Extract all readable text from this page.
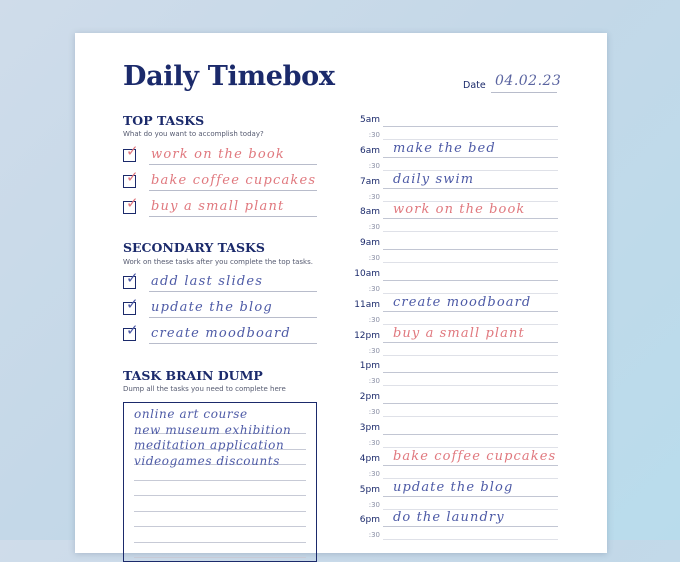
Daily Timebox	Date 04.02.23
TOP TASKS
What do you want to accomplish today?
✓ work on the book
✓ bake coffee cupcakes
✓ buy a small plant
SECONDARY TASKS
Work on these tasks after you complete the top tasks.
✓ add last slides
✓ update the blog
✓ create moodboard
TASK BRAIN DUMP
Dump all the tasks you need to complete here
online art course
new museum exhibition
meditation application
videogames discounts
5am
:30
6am
:30
make the bed
7am
:30
daily swim
8am
:30
work on the book
9am
:30
10am
:30
11am
:30
create moodboard
12pm
:30
buy a small plant
1pm
:30
2pm
:30
3pm
:30
4pm
:30
bake coffee cupcakes
5pm
:30
update the blog
6pm
:30
do the laundry
